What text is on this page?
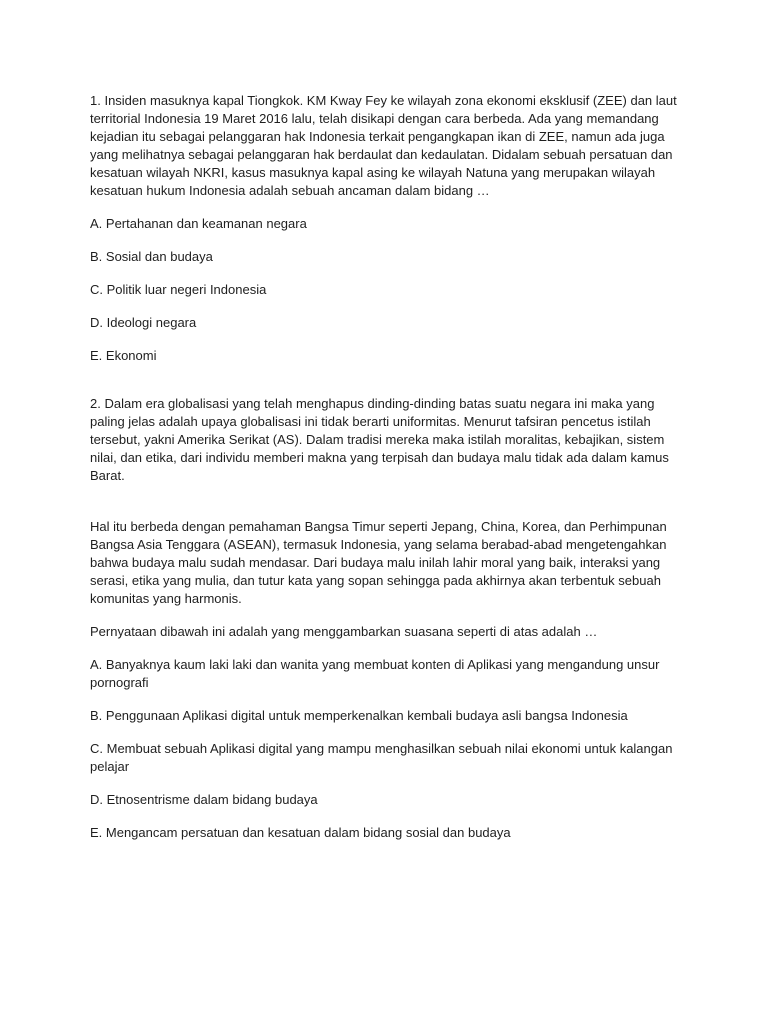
1. Insiden masuknya kapal Tiongkok. KM Kway Fey ke wilayah zona ekonomi eksklusif (ZEE) dan laut territorial Indonesia 19 Maret 2016 lalu, telah disikapi dengan cara berbeda. Ada yang memandang kejadian itu sebagai pelanggaran hak Indonesia terkait pengangkapan ikan di ZEE, namun ada juga yang melihatnya sebagai pelanggaran hak berdaulat dan kedaulatan. Didalam sebuah persatuan dan kesatuan wilayah NKRI, kasus masuknya kapal asing ke wilayah Natuna yang merupakan wilayah kesatuan hukum Indonesia adalah sebuah ancaman dalam bidang …

A. Pertahanan dan keamanan negara

B. Sosial dan budaya

C. Politik luar negeri Indonesia

D. Ideologi negara

E. Ekonomi

2. Dalam era globalisasi yang telah menghapus dinding-dinding batas suatu negara ini maka yang paling jelas adalah upaya globalisasi ini tidak berarti uniformitas. Menurut tafsiran pencetus istilah tersebut, yakni Amerika Serikat (AS). Dalam tradisi mereka maka istilah moralitas, kebajikan, sistem nilai, dan etika, dari individu memberi makna yang terpisah dan budaya malu tidak ada dalam kamus Barat.

Hal itu berbeda dengan pemahaman Bangsa Timur seperti Jepang, China, Korea, dan Perhimpunan Bangsa Asia Tenggara (ASEAN), termasuk Indonesia, yang selama berabad-abad mengetengahkan bahwa budaya malu sudah mendasar. Dari budaya malu inilah lahir moral yang baik, interaksi yang serasi, etika yang mulia, dan tutur kata yang sopan sehingga pada akhirnya akan terbentuk sebuah komunitas yang harmonis.

Pernyataan dibawah ini adalah yang menggambarkan suasana seperti di atas adalah …

A. Banyaknya kaum laki laki dan wanita yang membuat konten di Aplikasi yang mengandung unsur pornografi

B. Penggunaan Aplikasi digital untuk memperkenalkan kembali budaya asli bangsa Indonesia

C. Membuat sebuah Aplikasi digital yang mampu menghasilkan sebuah nilai ekonomi untuk kalangan pelajar

D. Etnosentrisme dalam bidang budaya

E. Mengancam persatuan dan kesatuan dalam bidang sosial dan budaya
